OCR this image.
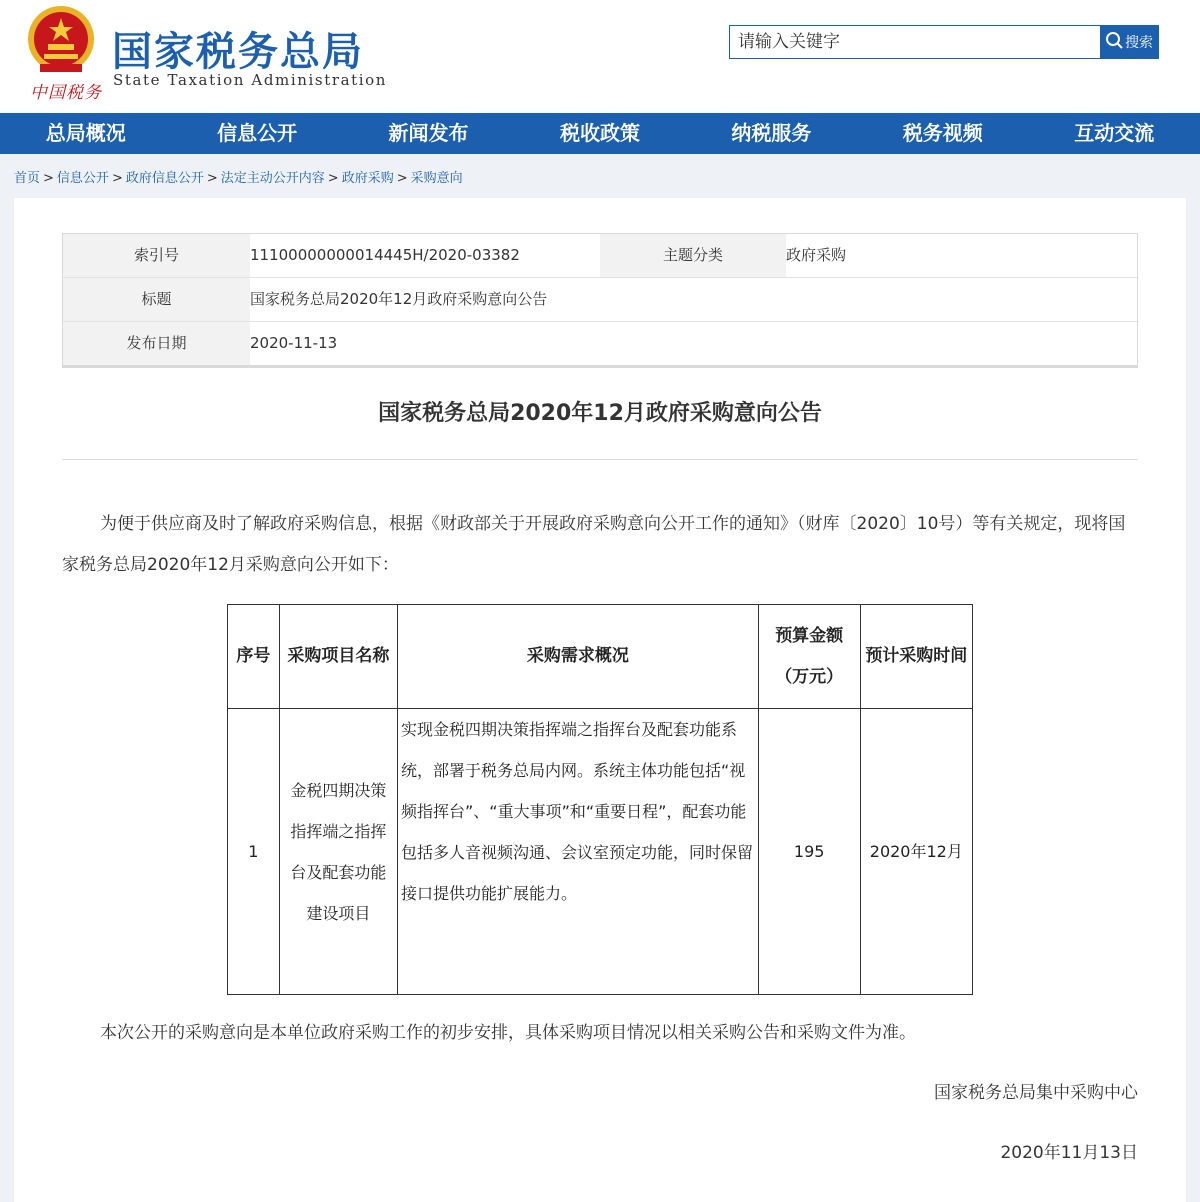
中国税务
国家税务总局
State Taxation Administration
请输入关键字
搜索
总局概况	信息公开	新闻发布	税收政策	纳税服务	税务视频	互动交流
首页 > 信息公开 > 政府信息公开 > 法定主动公开内容 > 政府采购 > 采购意向
索引号	11100000000014445H/2020-03382	主题分类	政府采购
标题	国家税务总局2020年12月政府采购意向公告
发布日期	2020-11-13
国家税务总局2020年12月政府采购意向公告
为便于供应商及时了解政府采购信息，根据《财政部关于开展政府采购意向公开工作的通知》（财库〔2020〕10号）等有关规定，现将国家税务总局2020年12月采购意向公开如下：
序号	采购项目名称	采购需求概况	预算金额（万元）	预计采购时间
1	金税四期决策指挥端之指挥台及配套功能建设项目	实现金税四期决策指挥端之指挥台及配套功能系统，部署于税务总局内网。系统主体功能包括“视频指挥台”、“重大事项”和“重要日程”，配套功能包括多人音视频沟通、会议室预定功能，同时保留接口提供功能扩展能力。	195	2020年12月
本次公开的采购意向是本单位政府采购工作的初步安排，具体采购项目情况以相关采购公告和采购文件为准。
国家税务总局集中采购中心
2020年11月13日
